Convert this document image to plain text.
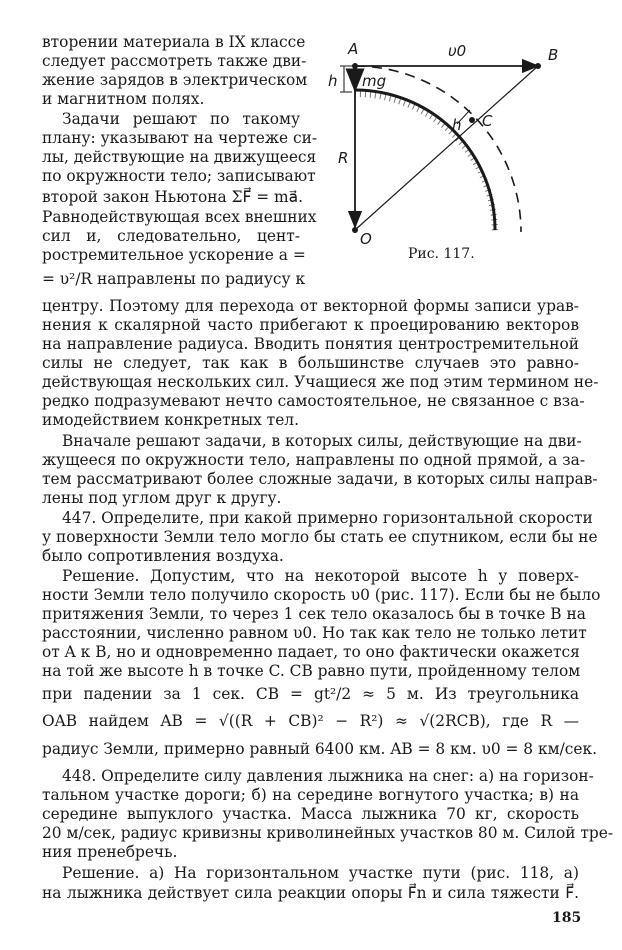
A	B
υ0
mg
h
h C
R
O
Рис. 117.
вторении материала в IX классе
следует рассмотреть также дви-
жение зарядов в электрическом
и магнитном полях.
Задачи решают по такому
плану: указывают на чертеже си-
лы, действующие на движущееся
по окружности тело; записывают
второй закон Ньютона ΣF⃗ = ma⃗.
Равнодействующая всех внешних
сил и, следовательно, цент-
ростремительное ускорение a =
= υ²/R направлены по радиусу к
центру. Поэтому для перехода от векторной формы записи урав-
нения к скалярной часто прибегают к проецированию векторов
на направление радиуса. Вводить понятия центростремительной
силы не следует, так как в большинстве случаев это равно-
действующая нескольких сил. Учащиеся же под этим термином не-
редко подразумевают нечто самостоятельное, не связанное с вза-
имодействием конкретных тел.
Вначале решают задачи, в которых силы, действующие на дви-
жущееся по окружности тело, направлены по одной прямой, а за-
тем рассматривают более сложные задачи, в которых силы направ-
лены под углом друг к другу.
447. Определите, при какой примерно горизонтальной скорости
у поверхности Земли тело могло бы стать ее спутником, если бы не
было сопротивления воздуха.
Решение. Допустим, что на некоторой высоте h у поверх-
ности Земли тело получило скорость υ0 (рис. 117). Если бы не было
притяжения Земли, то через 1 сек тело оказалось бы в точке B на
расстоянии, численно равном υ0. Но так как тело не только летит
от A к B, но и одновременно падает, то оно фактически окажется
на той же высоте h в точке C. CB равно пути, пройденному телом
при падении за 1 сек. CB = gt²/2 ≈ 5 м. Из треугольника
OAB найдем AB = √((R + CB)² − R²) ≈ √(2RCB), где R —
радиус Земли, примерно равный 6400 км. AB = 8 км. υ0 = 8 км/сек.
448. Определите силу давления лыжника на снег: а) на горизон-
тальном участке дороги; б) на середине вогнутого участка; в) на
середине выпуклого участка. Масса лыжника 70 кг, скорость
20 м/сек, радиус кривизны криволинейных участков 80 м. Силой тре-
ния пренебречь.
Решение. а) На горизонтальном участке пути (рис. 118, а)
на лыжника действует сила реакции опоры F⃗n и сила тяжести F⃗.
185
